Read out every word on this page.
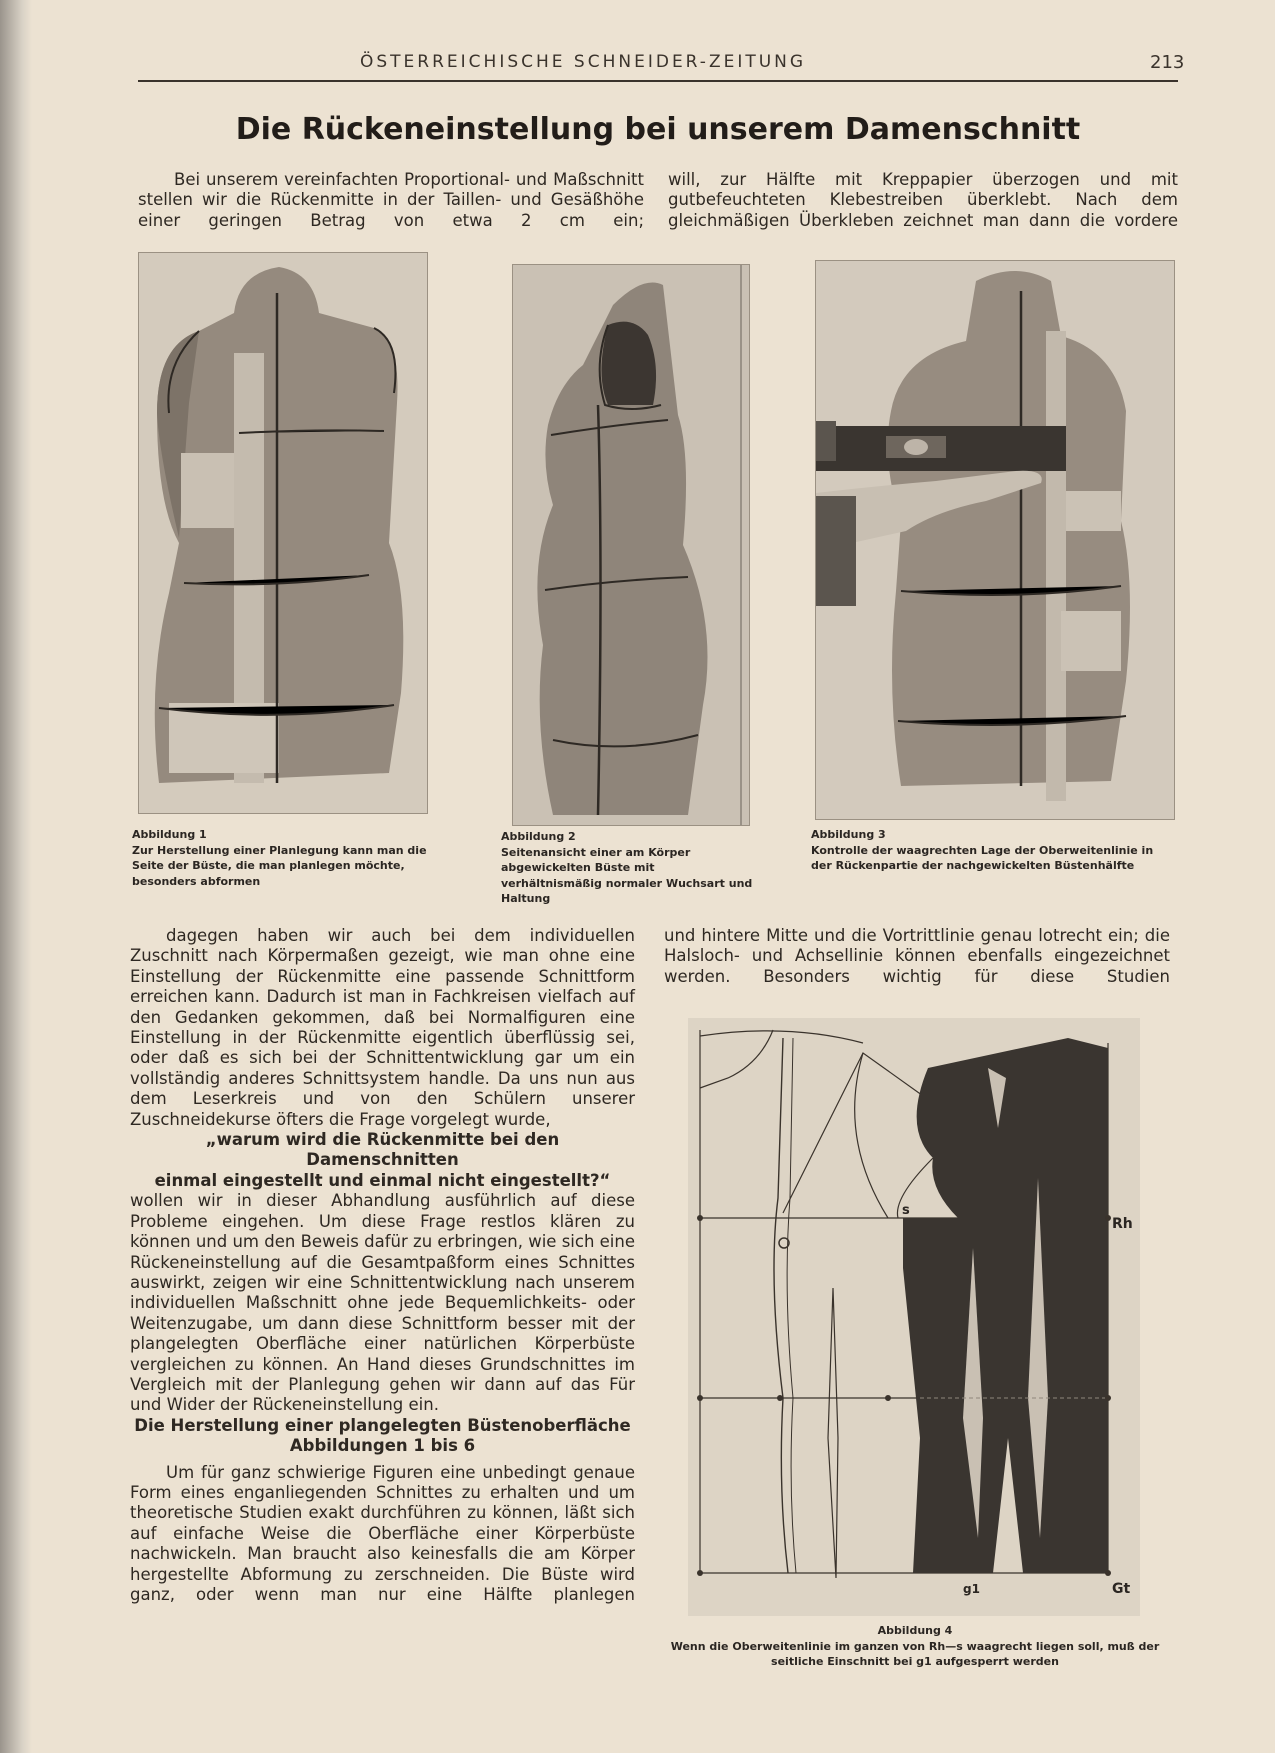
ÖSTERREICHISCHE SCHNEIDER-ZEITUNG	213
Die Rückeneinstellung bei unserem Damenschnitt

Bei unserem vereinfachten Proportional- und Maßschnitt stellen wir die Rückenmitte in der Taillen- und Gesäßhöhe einer geringen Betrag von etwa 2 cm ein;

will, zur Hälfte mit Kreppapier überzogen und mit gutbefeuchteten Klebestreiben überklebt. Nach dem gleichmäßigen Überkleben zeichnet man dann die vordere

Abbildung 1
Zur Herstellung einer Planlegung kann man die Seite der Büste, die man planlegen möchte, besonders abformen
Abbildung 2
Seitenansicht einer am Körper abgewickelten Büste mit verhältnismäßig normaler Wuchsart und Haltung
Abbildung 3
Kontrolle der waagrechten Lage der Oberweitenlinie in der Rückenpartie der nachgewickelten Büstenhälfte

dagegen haben wir auch bei dem individuellen Zuschnitt nach Körpermaßen gezeigt, wie man ohne eine Einstellung der Rückenmitte eine passende Schnittform erreichen kann. Dadurch ist man in Fachkreisen vielfach auf den Gedanken gekommen, daß bei Normalfiguren eine Einstellung in der Rückenmitte eigentlich überflüssig sei, oder daß es sich bei der Schnittentwicklung gar um ein vollständig anderes Schnittsystem handle. Da uns nun aus dem Leserkreis und von den Schülern unserer Zuschneidekurse öfters die Frage vorgelegt wurde,

„warum wird die Rückenmitte bei den Damenschnitten

einmal eingestellt und einmal nicht eingestellt?“

wollen wir in dieser Abhandlung ausführlich auf diese Probleme eingehen. Um diese Frage restlos klären zu können und um den Beweis dafür zu erbringen, wie sich eine Rückeneinstellung auf die Gesamtpaßform eines Schnittes auswirkt, zeigen wir eine Schnittentwicklung nach unserem individuellen Maßschnitt ohne jede Bequemlichkeits- oder Weitenzugabe, um dann diese Schnittform besser mit der plangelegten Oberfläche einer natürlichen Körperbüste vergleichen zu können. An Hand dieses Grundschnittes im Vergleich mit der Planlegung gehen wir dann auf das Für und Wider der Rückeneinstellung ein.

Die Herstellung einer plangelegten Büstenoberfläche

Abbildungen 1 bis 6

Um für ganz schwierige Figuren eine unbedingt genaue Form eines enganliegenden Schnittes zu erhalten und um theoretische Studien exakt durchführen zu können, läßt sich auf einfache Weise die Oberfläche einer Körperbüste nachwickeln. Man braucht also keinesfalls die am Körper hergestellte Abformung zu zerschneiden. Die Büste wird ganz, oder wenn man nur eine Hälfte planlegen

und hintere Mitte und die Vortrittlinie genau lotrecht ein; die Halsloch- und Achsellinie können ebenfalls eingezeichnet werden. Besonders wichtig für diese Studien

Rh
Gt
g1
s
Abbildung 4
Wenn die Oberweitenlinie im ganzen von Rh—s waagrecht liegen soll, muß der
seitliche Einschnitt bei g1 aufgesperrt werden
